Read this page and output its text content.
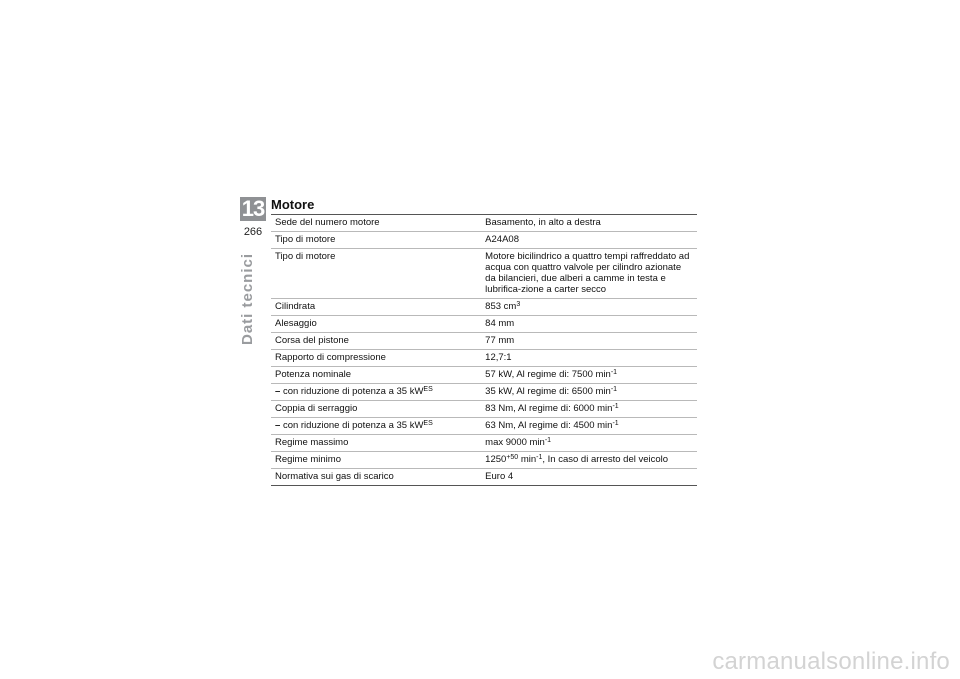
13
266
Dati tecnici
Motore
Sede del numero motore	Basamento, in alto a destra
Tipo di motore	A24A08
Tipo di motore	Motore bicilindrico a quattro tempi raffreddato ad acqua con quattro valvole per cilindro azionate da bilancieri, due alberi a camme in testa e lubrifica-zione a carter secco
Cilindrata	853 $cm^3$
Alesaggio	84 mm
Corsa del pistone	77 mm
Rapporto di compressione	12,7:1
Potenza nominale	57 kW, Al regime di: 7500 $\min^{-1}$
– con riduzione di potenza a 35 $kW^{ES}$	35 kW, Al regime di: 6500 $\min^{-1}$
Coppia di serraggio	83 Nm, Al regime di: 6000 $\min^{-1}$
– con riduzione di potenza a 35 $kW^{ES}$	63 Nm, Al regime di: 4500 $\min^{-1}$
Regime massimo	max 9000 $\min^{-1}$
Regime minimo	$1250^{+50}$ $\min^{-1}$, In caso di arresto del veicolo
Normativa sui gas di scarico	Euro 4
carmanualsonline.info
